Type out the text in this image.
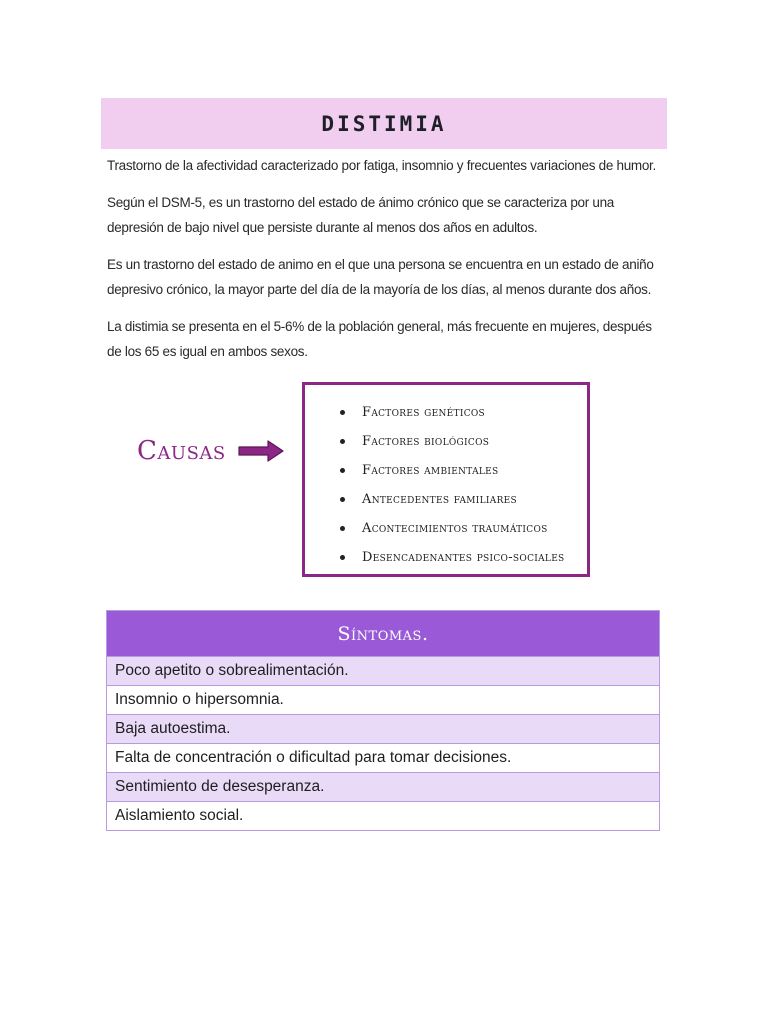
DISTIMIA

Trastorno de la afectividad caracterizado por fatiga, insomnio y frecuentes variaciones de humor.

Según el DSM-5, es un trastorno del estado de ánimo crónico que se caracteriza por una depresión de bajo nivel que persiste durante al menos dos años en adultos.

Es un trastorno del estado de animo en el que una persona se encuentra en un estado de aniño depresivo crónico, la mayor parte del día de la mayoría de los días, al menos durante dos años.

La distimia se presenta en el 5-6% de la población general, más frecuente en mujeres, después de los 65 es igual en ambos sexos.

Causas
Factores genéticos
Factores biológicos
Factores ambientales
Antecedentes familiares
Acontecimientos traumáticos
Desencadenantes psico-sociales
Síntomas.
Poco apetito o sobrealimentación.
Insomnio o hipersomnia.
Baja autoestima.
Falta de concentración o dificultad para tomar decisiones.
Sentimiento de desesperanza.
Aislamiento social.
